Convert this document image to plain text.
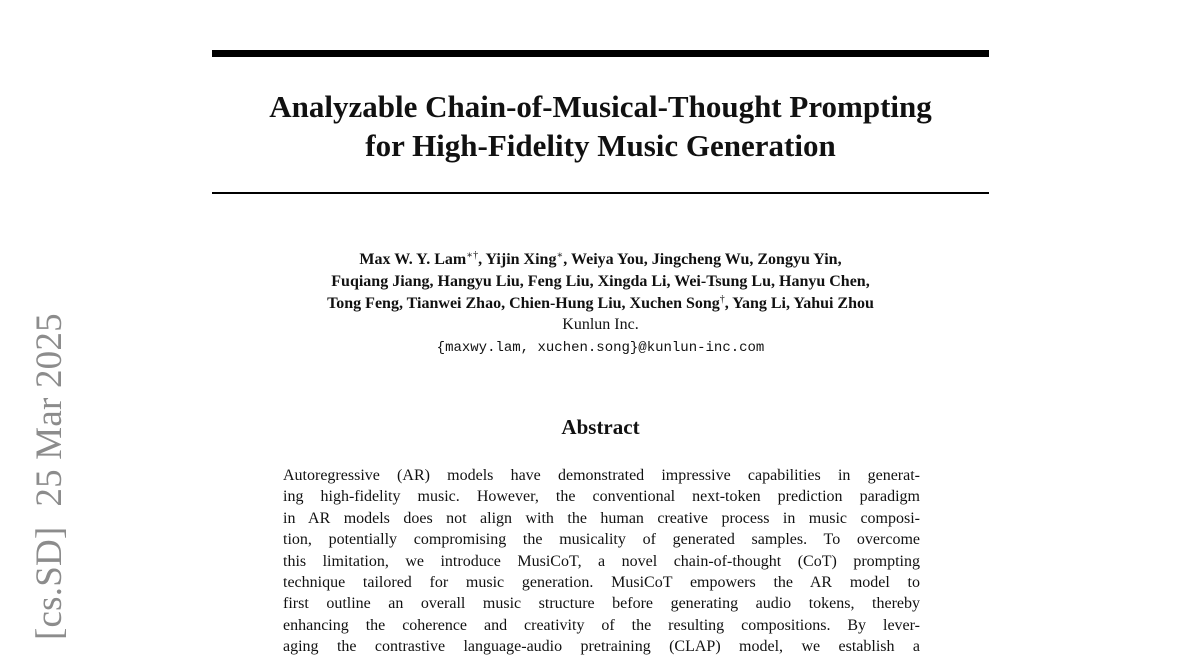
[cs.SD]25 Mar 2025
Analyzable Chain-of-Musical-Thought Prompting
for High-Fidelity Music Generation
Max W. Y. Lam∗†, Yijin Xing∗, Weiya You, Jingcheng Wu, Zongyu Yin,
Fuqiang Jiang, Hangyu Liu, Feng Liu, Xingda Li, Wei-Tsung Lu, Hanyu Chen,
Tong Feng, Tianwei Zhao, Chien-Hung Liu, Xuchen Song†, Yang Li, Yahui Zhou
Kunlun Inc.
{maxwy.lam, xuchen.song}@kunlun-inc.com
Abstract
Autoregressive (AR) models have demonstrated impressive capabilities in generat-
ing high-fidelity music. However, the conventional next-token prediction paradigm
in AR models does not align with the human creative process in music composi-
tion, potentially compromising the musicality of generated samples. To overcome
this limitation, we introduce MusiCoT, a novel chain-of-thought (CoT) prompting
technique tailored for music generation. MusiCoT empowers the AR model to
first outline an overall music structure before generating audio tokens, thereby
enhancing the coherence and creativity of the resulting compositions. By lever-
aging the contrastive language-audio pretraining (CLAP) model, we establish a
